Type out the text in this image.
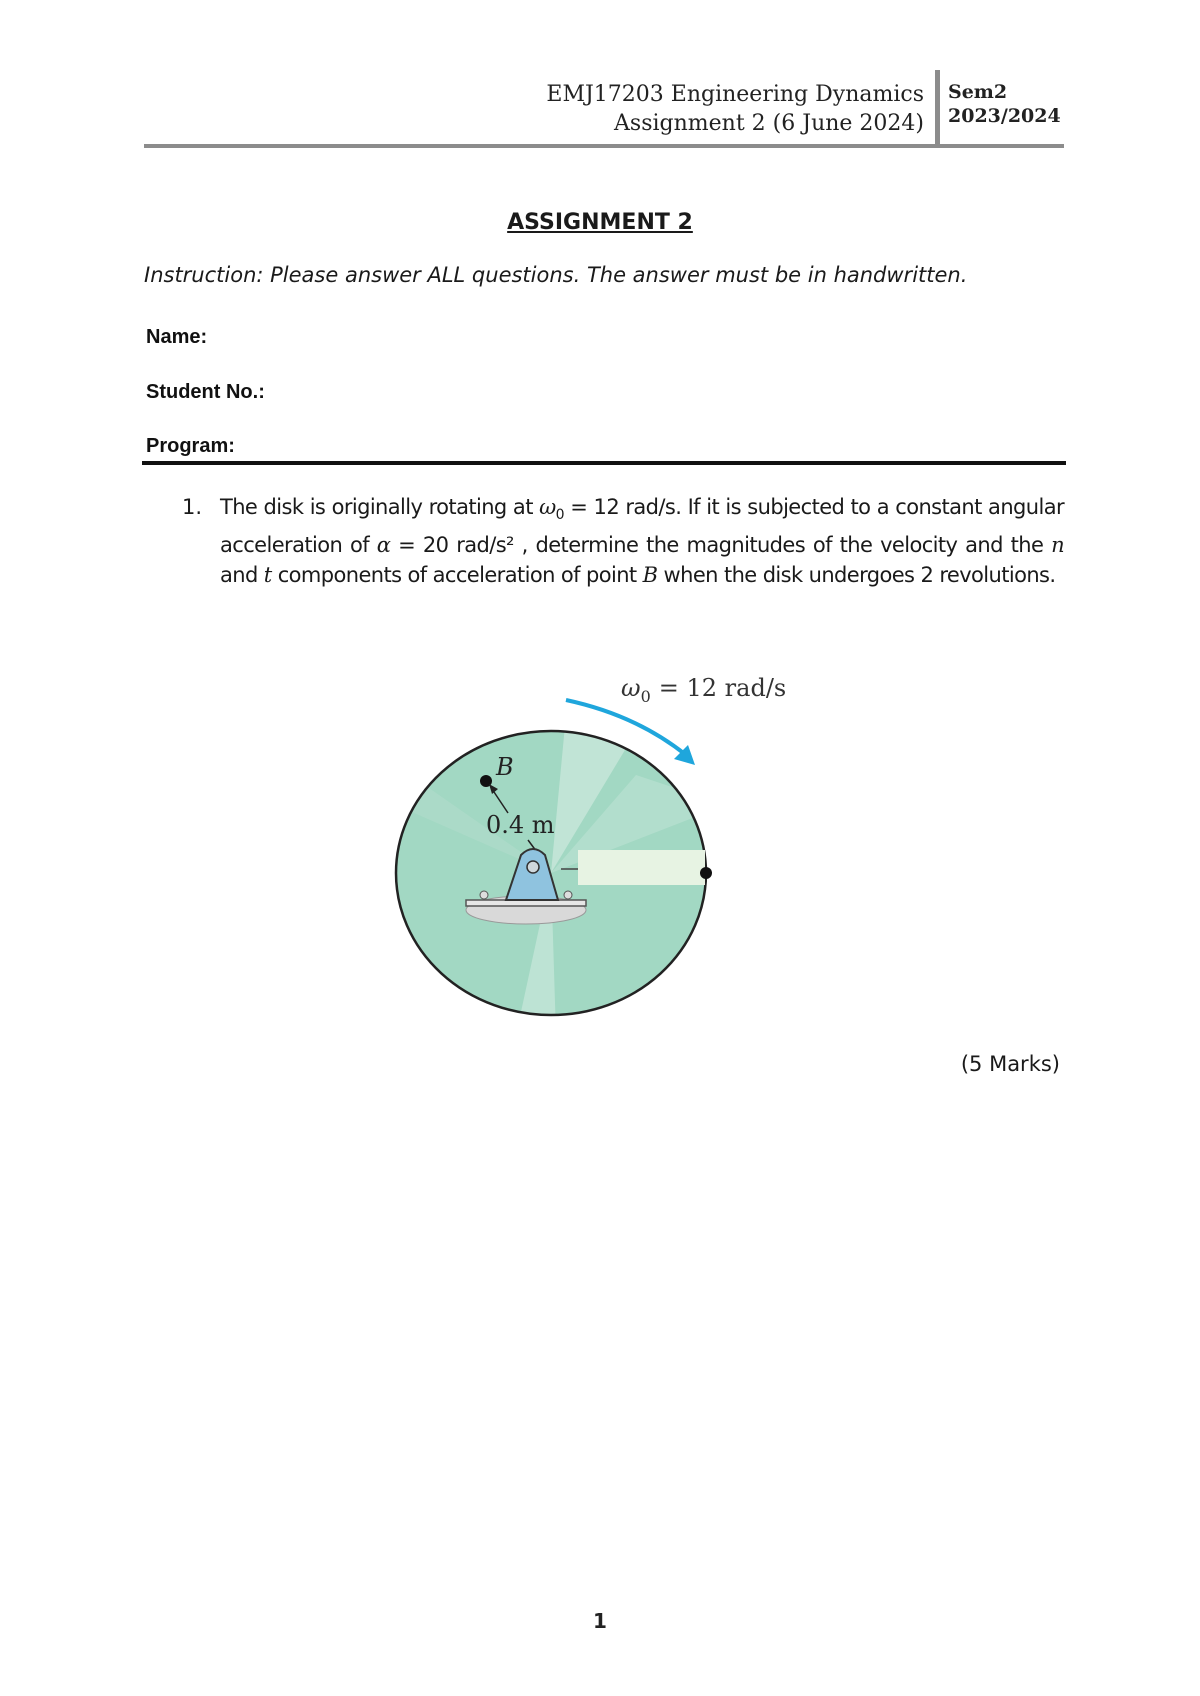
EMJ17203 Engineering Dynamics
Assignment 2 (6 June 2024)
Sem2
2023/2024
ASSIGNMENT 2
Instruction: Please answer ALL questions. The answer must be in handwritten.
Name:
Student No.:
Program:
1. The disk is originally rotating at $\omega_0 = 12$ rad/s. If it is subjected to a constant angular acceleration of α = 20 rad/s² , determine the magnitudes of the velocity and the n and t components of acceleration of point B when the disk undergoes 2 revolutions.
$\omega_0 = 12$ rad/s
B
0.4 m
(5 Marks)
1
